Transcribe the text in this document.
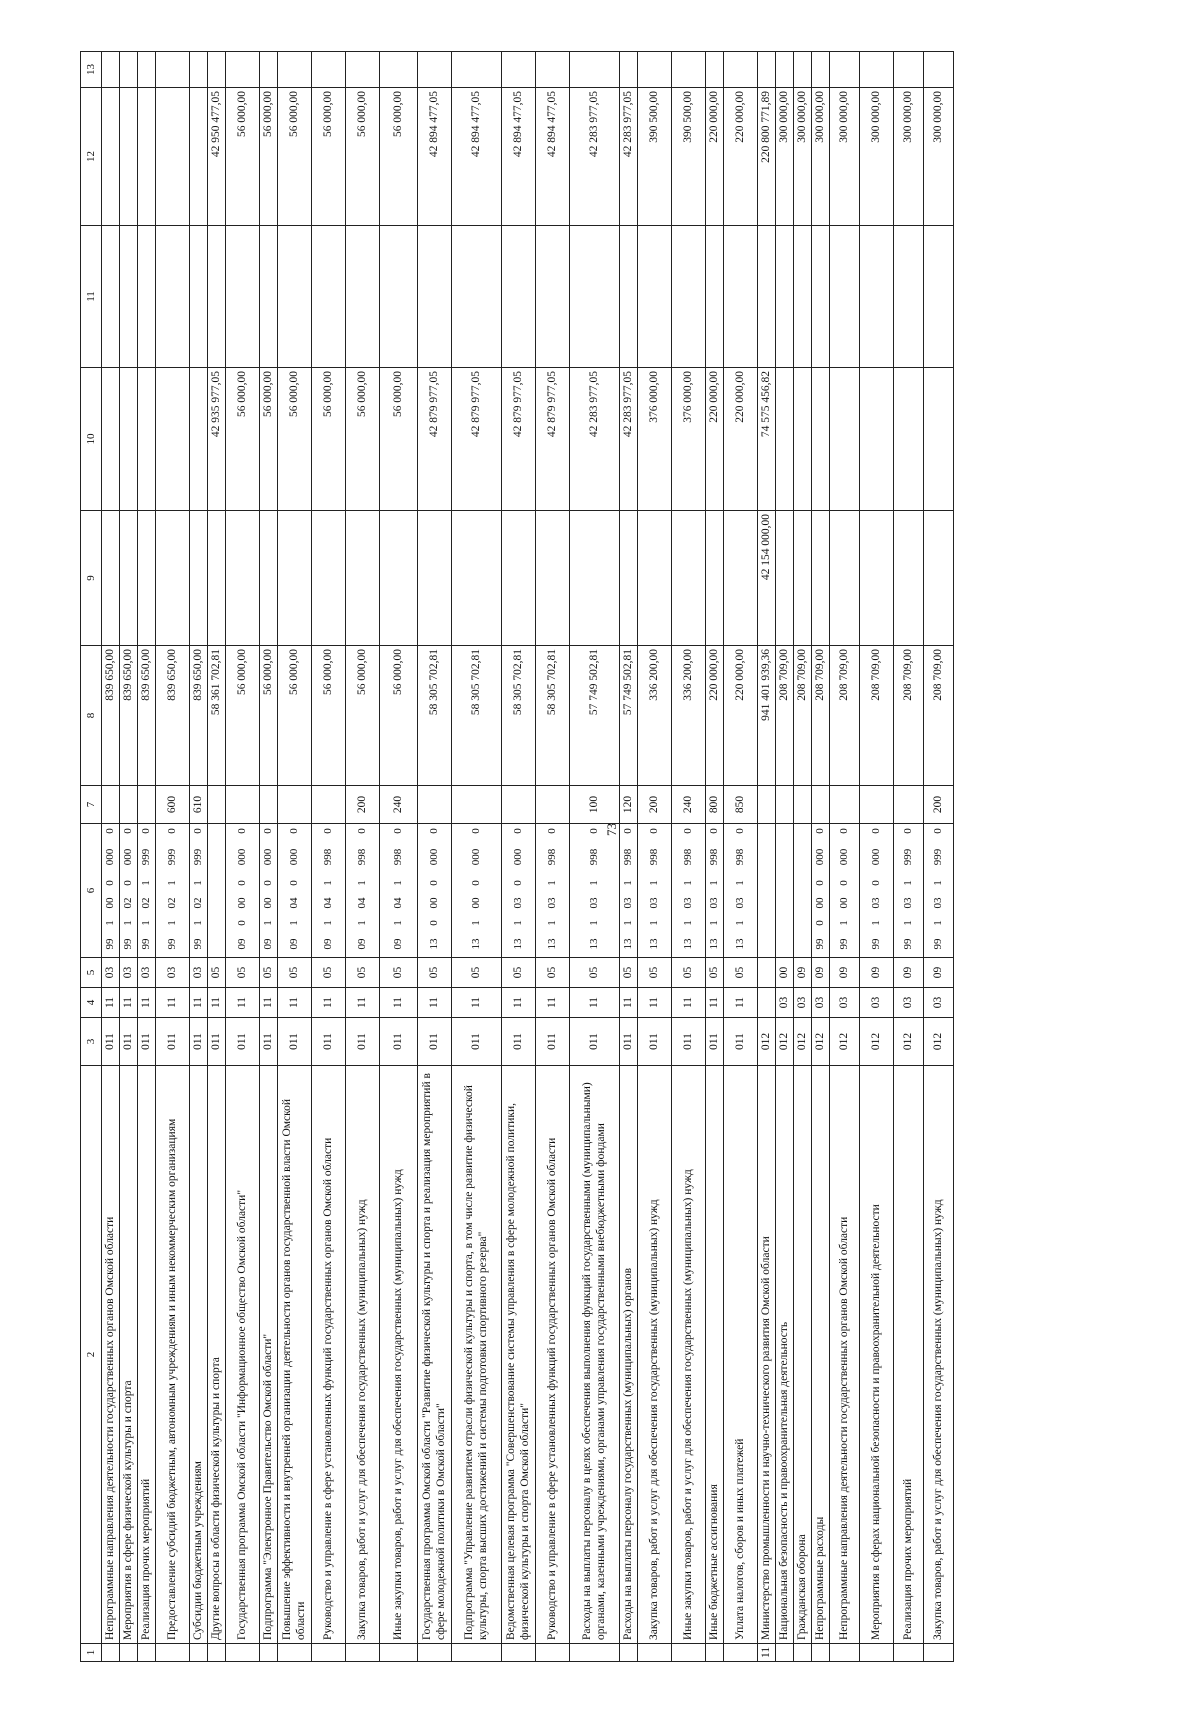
73
1	2	3	4	5	6	7	8	9	10	11	12	13
	Непрограммные направления деятельности государственных органов Омской области	011	11	03	9910000000		839 650,00					
	Мероприятия в сфере физической культуры и спорта	011	11	03	9910200000		839 650,00					
	Реализация прочих мероприятий	011	11	03	9910219990		839 650,00					
	Предоставление субсидий бюджетным, автономным учреждениям и иным некоммерческим организациям	011	11	03	9910219990	600	839 650,00					
	Субсидии бюджетным учреждениям	011	11	03	9910219990	610	839 650,00					
	Другие вопросы в области физической культуры и спорта	011	11	05			58 361 702,81		42 935 977,05		42 950 477,05	
	Государственная программа Омской области "Информационное общество Омской области"	011	11	05	0900000000		56 000,00		56 000,00		56 000,00	
	Подпрограмма "Электронное Правительство Омской области"	011	11	05	0910000000		56 000,00		56 000,00		56 000,00	
	Повышение эффективности и внутренней организации деятельности органов государственной власти Омской области	011	11	05	0910400000		56 000,00		56 000,00		56 000,00	
	Руководство и управление в сфере установленных функций государственных органов Омской области	011	11	05	0910419980		56 000,00		56 000,00		56 000,00	
	Закупка товаров, работ и услуг для обеспечения государственных (муниципальных) нужд	011	11	05	0910419980	200	56 000,00		56 000,00		56 000,00	
	Иные закупки товаров, работ и услуг для обеспечения государственных (муниципальных) нужд	011	11	05	0910419980	240	56 000,00		56 000,00		56 000,00	
	Государственная программа Омской области "Развитие физической культуры и спорта и реализация мероприятий в сфере молодежной политики в Омской области"	011	11	05	1300000000		58 305 702,81		42 879 977,05		42 894 477,05	
	Подпрограмма "Управление развитием отрасли физической культуры и спорта, в том числе развитие физической культуры, спорта высших достижений и системы подготовки спортивного резерва"	011	11	05	1310000000		58 305 702,81		42 879 977,05		42 894 477,05	
	Ведомственная целевая программа "Совершенствование системы управления в сфере молодежной политики, физической культуры и спорта Омской области"	011	11	05	1310300000		58 305 702,81		42 879 977,05		42 894 477,05	
	Руководство и управление в сфере установленных функций государственных органов Омской области	011	11	05	1310319980		58 305 702,81		42 879 977,05		42 894 477,05	
	Расходы на выплаты персоналу в целях обеспечения выполнения функций государственными (муниципальными) органами, казенными учреждениями, органами управления государственными внебюджетными фондами	011	11	05	1310319980	100	57 749 502,81		42 283 977,05		42 283 977,05	
	Расходы на выплаты персоналу государственных (муниципальных) органов	011	11	05	1310319980	120	57 749 502,81		42 283 977,05		42 283 977,05	
	Закупка товаров, работ и услуг для обеспечения государственных (муниципальных) нужд	011	11	05	1310319980	200	336 200,00		376 000,00		390 500,00	
	Иные закупки товаров, работ и услуг для обеспечения государственных (муниципальных) нужд	011	11	05	1310319980	240	336 200,00		376 000,00		390 500,00	
	Иные бюджетные ассигнования	011	11	05	1310319980	800	220 000,00		220 000,00		220 000,00	
	Уплата налогов, сборов и иных платежей	011	11	05	1310319980	850	220 000,00		220 000,00		220 000,00	
11	Министерство промышленности и научно-технического развития Омской области	012					941 401 939,36	42 154 000,00	74 575 456,82		220 800 771,89	
	Национальная безопасность и правоохранительная деятельность	012	03	00			208 709,00				300 000,00	
	Гражданская оборона	012	03	09			208 709,00				300 000,00	
	Непрограммные расходы	012	03	09	9900000000		208 709,00				300 000,00	
	Непрограммные направления деятельности государственных органов Омской области	012	03	09	9910000000		208 709,00				300 000,00	
	Мероприятия в сферах национальной безопасности и правоохранительной деятельности	012	03	09	9910300000		208 709,00				300 000,00	
	Реализация прочих мероприятий	012	03	09	9910319990		208 709,00				300 000,00	
	Закупка товаров, работ и услуг для обеспечения государственных (муниципальных) нужд	012	03	09	9910319990	200	208 709,00				300 000,00	
